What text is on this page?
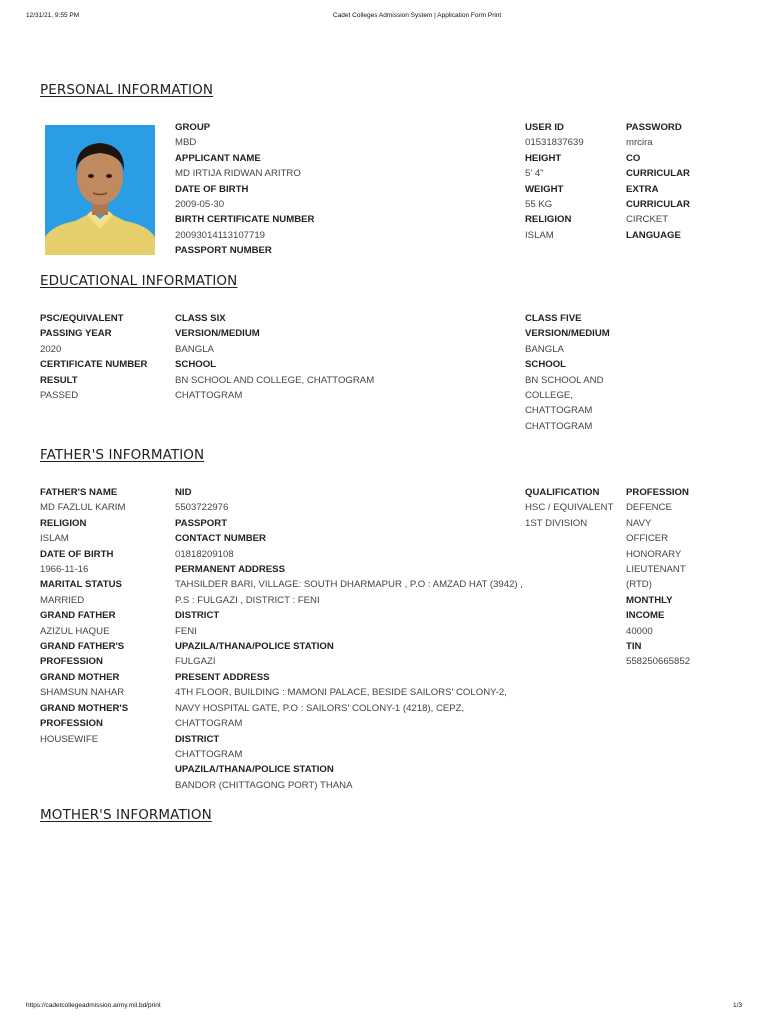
12/31/21, 9:55 PM	Cadet Colleges Admission System | Application Form Print
PERSONAL INFORMATION
GROUP
MBD
APPLICANT NAME
MD IRTIJA RIDWAN ARITRO
DATE OF BIRTH
2009-05-30
BIRTH CERTIFICATE NUMBER
20093014113107719
PASSPORT NUMBER
USER ID
01531837639
HEIGHT
5' 4"
WEIGHT
55 KG
RELIGION
ISLAM
PASSWORD
mrcira
CO
CURRICULAR
EXTRA
CURRICULAR
CIRCKET
LANGUAGE
EDUCATIONAL INFORMATION
PSC/EQUIVALENT
PASSING YEAR
2020
CERTIFICATE NUMBER
RESULT
PASSED
CLASS SIX
VERSION/MEDIUM
BANGLA
SCHOOL
BN SCHOOL AND COLLEGE, CHATTOGRAM
CHATTOGRAM
CLASS FIVE
VERSION/MEDIUM
BANGLA
SCHOOL
BN SCHOOL AND
COLLEGE,
CHATTOGRAM
CHATTOGRAM
FATHER'S INFORMATION
FATHER'S NAME
MD FAZLUL KARIM
RELIGION
ISLAM
DATE OF BIRTH
1966-11-16
MARITAL STATUS
MARRIED
GRAND FATHER
AZIZUL HAQUE
GRAND FATHER'S
PROFESSION
GRAND MOTHER
SHAMSUN NAHAR
GRAND MOTHER'S
PROFESSION
HOUSEWIFE
NID
5503722976
PASSPORT
CONTACT NUMBER
01818209108
PERMANENT ADDRESS
TAHSILDER BARI, VILLAGE: SOUTH DHARMAPUR , P.O : AMZAD HAT (3942) ,
P.S : FULGAZI , DISTRICT : FENI
DISTRICT
FENI
UPAZILA/THANA/POLICE STATION
FULGAZI
PRESENT ADDRESS
4TH FLOOR, BUILDING : MAMONI PALACE, BESIDE SAILORS' COLONY-2,
NAVY HOSPITAL GATE, P.O : SAILORS' COLONY-1 (4218), CEPZ,
CHATTOGRAM
DISTRICT
CHATTOGRAM
UPAZILA/THANA/POLICE STATION
BANDOR (CHITTAGONG PORT) THANA
QUALIFICATION
HSC / EQUIVALENT
1ST DIVISION
PROFESSION
DEFENCE
NAVY
OFFICER
HONORARY
LIEUTENANT
(RTD)
MONTHLY
INCOME
40000
TIN
558250665852
MOTHER'S INFORMATION
https://cadetcollegeadmission.army.mil.bd/print	1/3
